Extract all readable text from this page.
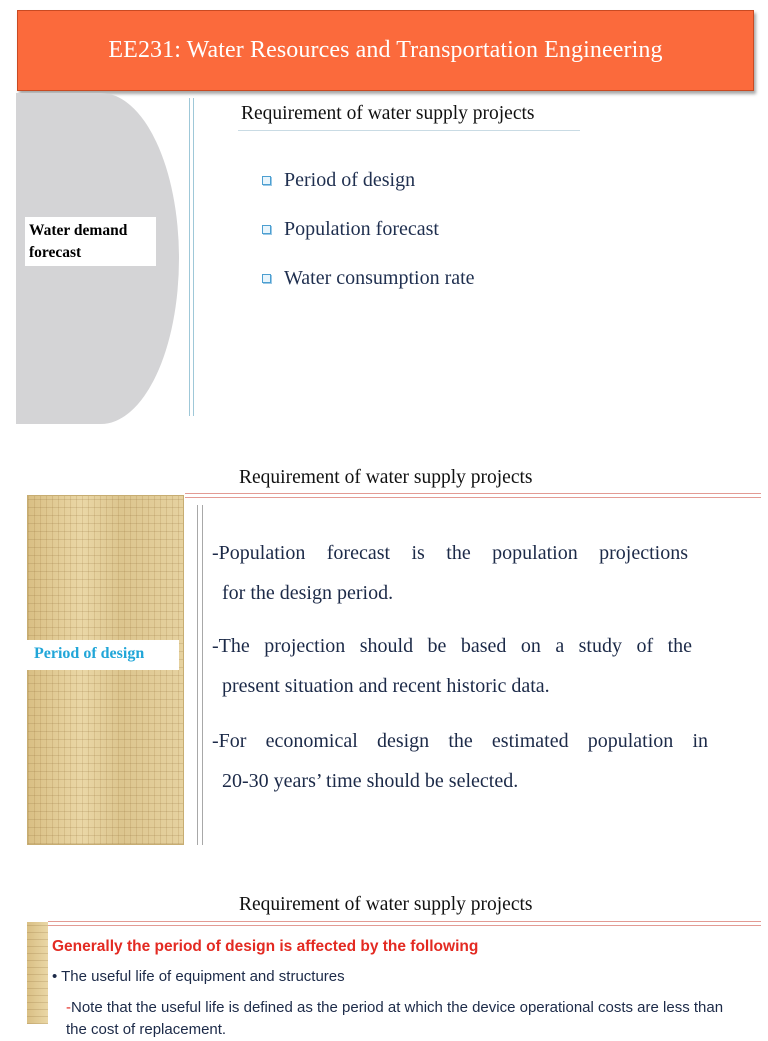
EE231: Water Resources and Transportation Engineering
Water demand forecast
Requirement of water supply projects
Period of design
Population forecast
Water consumption rate
Requirement of water supply projects
Period of design
-Population forecast is the population projections
for the design period.
-The projection should be based on a study of the
present situation and recent historic data.
-For economical design the estimated population in
20-30 years’ time should be selected.
Requirement of water supply projects
Generally the period of design is affected by the following
• The useful life of equipment and structures
-Note that the useful life is defined as the period at which the device operational costs are less than the cost of replacement.
